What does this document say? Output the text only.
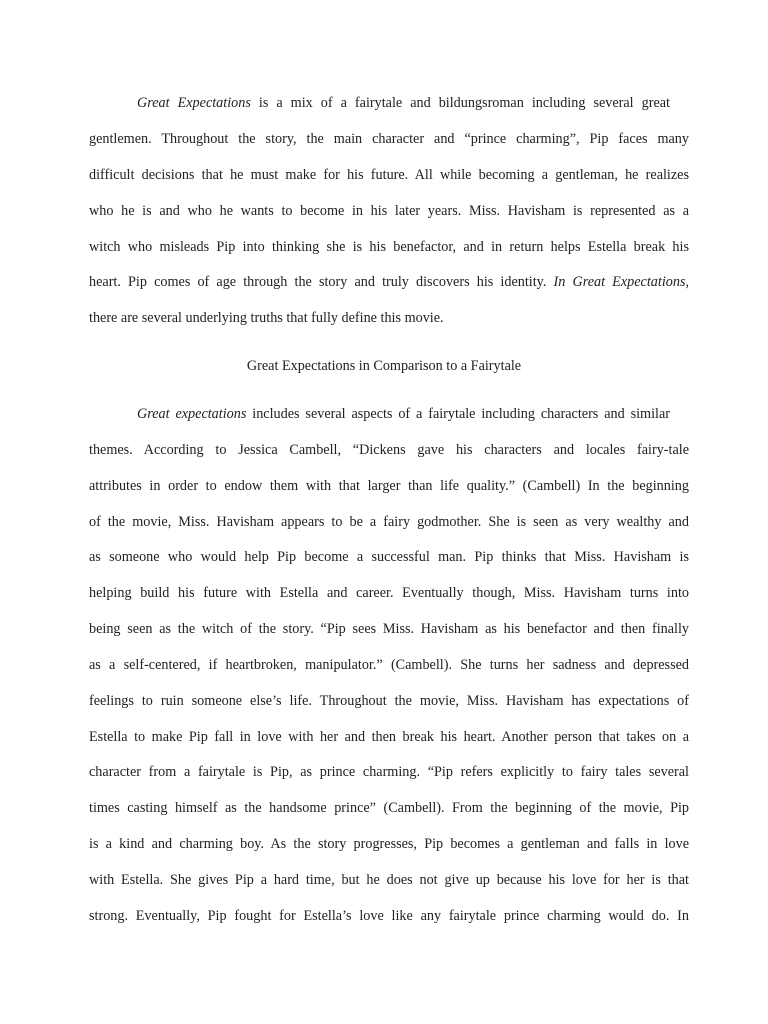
Great Expectations is a mix of a fairytale and bildungsroman including several great
gentlemen. Throughout the story, the main character and “prince charming”, Pip faces many
difficult decisions that he must make for his future. All while becoming a gentleman, he realizes
who he is and who he wants to become in his later years. Miss. Havisham is represented as a
witch who misleads Pip into thinking she is his benefactor, and in return helps Estella break his
heart. Pip comes of age through the story and truly discovers his identity. In Great Expectations,
there are several underlying truths that fully define this movie.
Great Expectations in Comparison to a Fairytale
Great expectations includes several aspects of a fairytale including characters and similar
themes. According to Jessica Cambell, “Dickens gave his characters and locales fairy-tale
attributes in order to endow them with that larger than life quality.” (Cambell) In the beginning
of the movie, Miss. Havisham appears to be a fairy godmother. She is seen as very wealthy and
as someone who would help Pip become a successful man. Pip thinks that Miss. Havisham is
helping build his future with Estella and career. Eventually though, Miss. Havisham turns into
being seen as the witch of the story. “Pip sees Miss. Havisham as his benefactor and then finally
as a self-centered, if heartbroken, manipulator.” (Cambell). She turns her sadness and depressed
feelings to ruin someone else’s life. Throughout the movie, Miss. Havisham has expectations of
Estella to make Pip fall in love with her and then break his heart. Another person that takes on a
character from a fairytale is Pip, as prince charming. “Pip refers explicitly to fairy tales several
times casting himself as the handsome prince” (Cambell). From the beginning of the movie, Pip
is a kind and charming boy. As the story progresses, Pip becomes a gentleman and falls in love
with Estella. She gives Pip a hard time, but he does not give up because his love for her is that
strong. Eventually, Pip fought for Estella’s love like any fairytale prince charming would do. In
